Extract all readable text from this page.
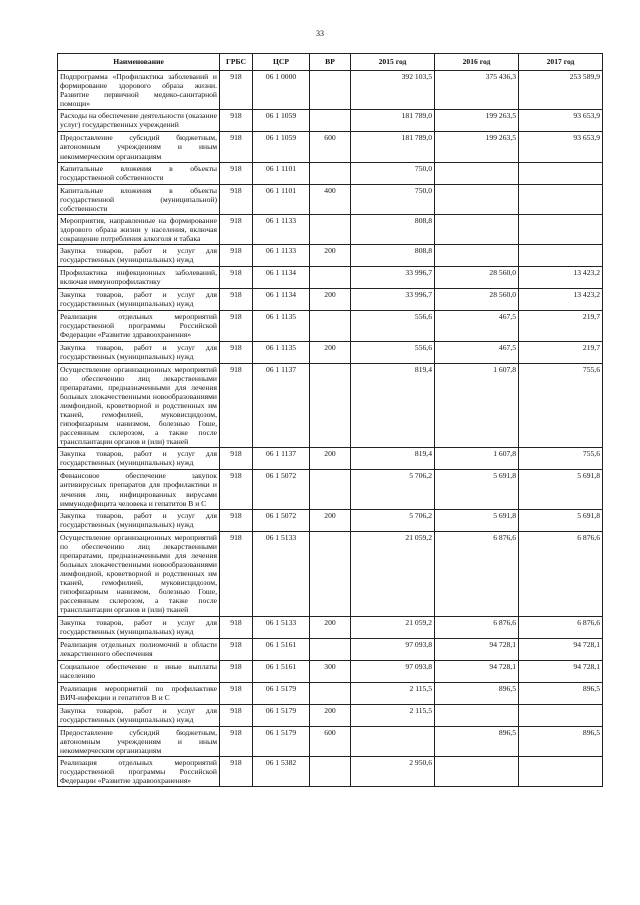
33
Наименование	ГРБС	ЦСР	ВР	2015 год	2016 год	2017 год
Подпрограмма «Профилактика заболеваний и формирование здорового образа жизни. Развитие первичной медико-санитарной помощи»	918	06 1 0000		392 103,5	375 436,3	253 589,9
Расходы на обеспечение деятельности (оказание услуг) государственных учреждений	918	06 1 1059		181 789,0	199 263,5	93 653,9
Предоставление субсидий бюджетным, автономным учреждениям и иным некоммерческим организациям	918	06 1 1059	600	181 789,0	199 263,5	93 653,9
Капитальные вложения в объекты государственной собственности	918	06 1 1101		750,0		
Капитальные вложения в объекты государственной (муниципальной) собственности	918	06 1 1101	400	750,0		
Мероприятия, направленные на формирование здорового образа жизни у населения, включая сокращение потребления алкоголя и табака	918	06 1 1133		808,8		
Закупка товаров, работ и услуг для государственных (муниципальных) нужд	918	06 1 1133	200	808,8		
Профилактика инфекционных заболеваний, включая иммунопрофилактику	918	06 1 1134		33 996,7	28 560,0	13 423,2
Закупка товаров, работ и услуг для государственных (муниципальных) нужд	918	06 1 1134	200	33 996,7	28 560,0	13 423,2
Реализация отдельных мероприятий государственной программы Российской Федерации «Развитие здравоохранения»	918	06 1 1135		556,6	467,5	219,7
Закупка товаров, работ и услуг для государственных (муниципальных) нужд	918	06 1 1135	200	556,6	467,5	219,7
Осуществление организационных мероприятий по обеспечению лиц лекарственными препаратами, предназначенными для лечения больных злокачественными новообразованиями лимфоидной, кроветворной и родственных им тканей, гемофилией, муковисцидозом, гипофизарным нанизмом, болезнью Гоше, рассеянным склерозом, а также после трансплантации органов и (или) тканей	918	06 1 1137		819,4	1 607,8	755,6
Закупка товаров, работ и услуг для государственных (муниципальных) нужд	918	06 1 1137	200	819,4	1 607,8	755,6
Финансовое обеспечение закупок антивирусных препаратов для профилактики и лечения лиц, инфицированных вирусами иммунодефицита человека и гепатитов В и С	918	06 1 5072		5 706,2	5 691,8	5 691,8
Закупка товаров, работ и услуг для государственных (муниципальных) нужд	918	06 1 5072	200	5 706,2	5 691,8	5 691,8
Осуществление организационных мероприятий по обеспечению лиц лекарственными препаратами, предназначенными для лечения больных злокачественными новообразованиями лимфоидной, кроветворной и родственных им тканей, гемофилией, муковисцидозом, гипофизарным нанизмом, болезнью Гоше, рассеянным склерозом, а также после трансплантации органов и (или) тканей	918	06 1 5133		21 059,2	6 876,6	6 876,6
Закупка товаров, работ и услуг для государственных (муниципальных) нужд	918	06 1 5133	200	21 059,2	6 876,6	6 876,6
Реализация отдельных полномочий в области лекарственного обеспечения	918	06 1 5161		97 093,8	94 728,1	94 728,1
Социальное обеспечение и иные выплаты населению	918	06 1 5161	300	97 093,8	94 728,1	94 728,1
Реализация мероприятий по профилактике ВИЧ-инфекции и гепатитов В и С	918	06 1 5179		2 115,5	896,5	896,5
Закупка товаров, работ и услуг для государственных (муниципальных) нужд	918	06 1 5179	200	2 115,5		
Предоставление субсидий бюджетным, автономным учреждениям и иным некоммерческим организациям	918	06 1 5179	600		896,5	896,5
Реализация отдельных мероприятий государственной программы Российской Федерации «Развитие здравоохранения»	918	06 1 5382		2 950,6		
